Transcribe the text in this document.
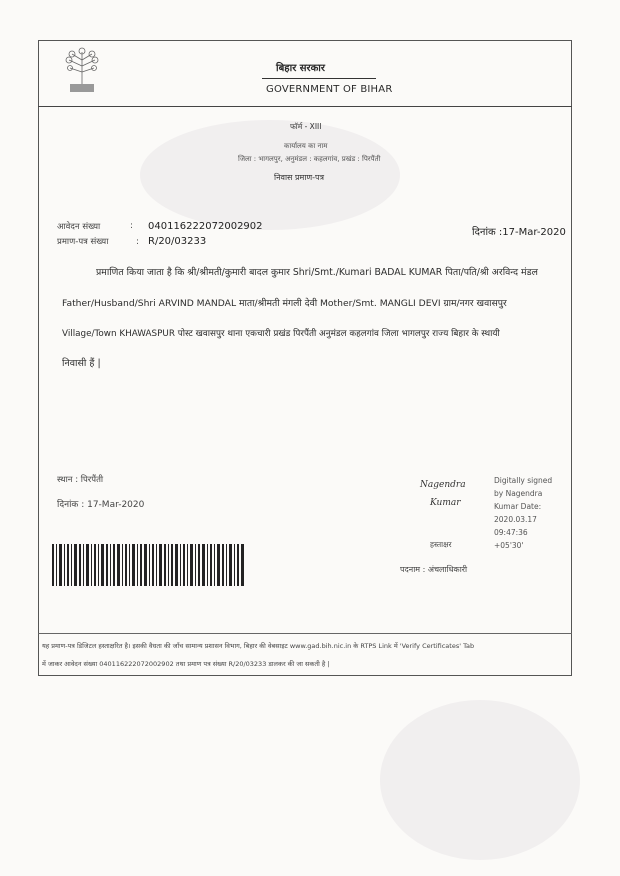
बिहार सरकार
GOVERNMENT OF BIHAR
फॉर्म - XIII
कार्यालय का नाम
जिला : भागलपुर, अनुमंडल : कहलगांव, प्रखंड : पिरपैंती
निवास प्रमाण-पत्र
आवेदन संख्या	: 040116222072002902
दिनांक :17-Mar-2020
प्रमाण-पत्र संख्या	: R/20/03233
प्रमाणित किया जाता है कि श्री/श्रीमती/कुमारी बादल कुमार Shri/Smt./Kumari BADAL KUMAR पिता/पति/श्री अरविन्द मंडल
Father/Husband/Shri ARVIND MANDAL माता/श्रीमती मंगली देवी Mother/Smt. MANGLI DEVI ग्राम/नगर खवासपुर
Village/Town KHAWASPUR पोस्ट खवासपुर थाना एकचारी प्रखंड पिरपैंती अनुमंडल कहलगांव जिला भागलपुर राज्य बिहार के स्थायी
निवासी हैं |
स्थान : पिरपैंती
दिनांक : 17-Mar-2020
Nagendra
Kumar
Digitally signed
by Nagendra
Kumar Date:
2020.03.17
09:47:36
+05'30'
हस्ताक्षर
पदनाम : अंचलाधिकारी
यह प्रमाण-पत्र डिजिटल हस्ताक्षरित है। इसकी वैधता की जाँच सामान्य प्रशासन विभाग, बिहार की वेबसाइट www.gad.bih.nic.in के RTPS Link में 'Verify Certificates' Tab
में जाकर आवेदन संख्या 040116222072002902 तथा प्रमाण पत्र संख्या R/20/03233 डालकर की जा सकती है |
